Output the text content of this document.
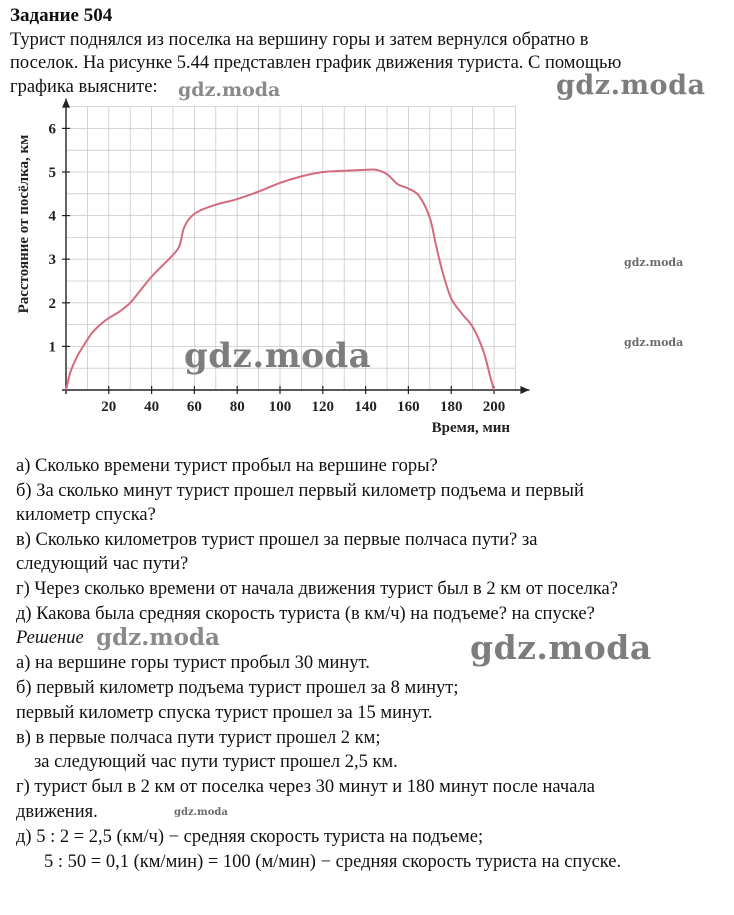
Задание 504
Турист поднялся из поселка на вершину горы и затем вернулся обратно в
поселок. На рисунке 5.44 представлен график движения туриста. С помощью
графика выясните:
20 40 60 80 100 120 140 160 180 200
1
2
3
4
5
6
Время, мин
Расстояние от посёлка, км
а) Сколько времени турист пробыл на вершине горы?
б) За сколько минут турист прошел первый километр подъема и первый
километр спуска?
в) Сколько километров турист прошел за первые полчаса пути? за
следующий час пути?
г) Через сколько времени от начала движения турист был в 2 км от поселка?
д) Какова была средняя скорость туриста (в км/ч) на подъеме? на спуске?
Решение
а) на вершине горы турист пробыл 30 минут.
б) первый километр подъема турист прошел за 8 минут;
первый километр спуска турист прошел за 15 минут.
в) в первые полчаса пути турист прошел 2 км;
за следующий час пути турист прошел 2,5 км.
г) турист был в 2 км от поселка через 30 минут и 180 минут после начала
движения.
д) 5 : 2 = 2,5 (км/ч) − средняя скорость туриста на подъеме;
5 : 50 = 0,1 (км/мин) = 100 (м/мин) − средняя скорость туриста на спуске.
gdz.moda	gdz.moda
gdz.moda
gdz.moda
gdz.moda
gdz.moda	gdz.moda
gdz.moda
